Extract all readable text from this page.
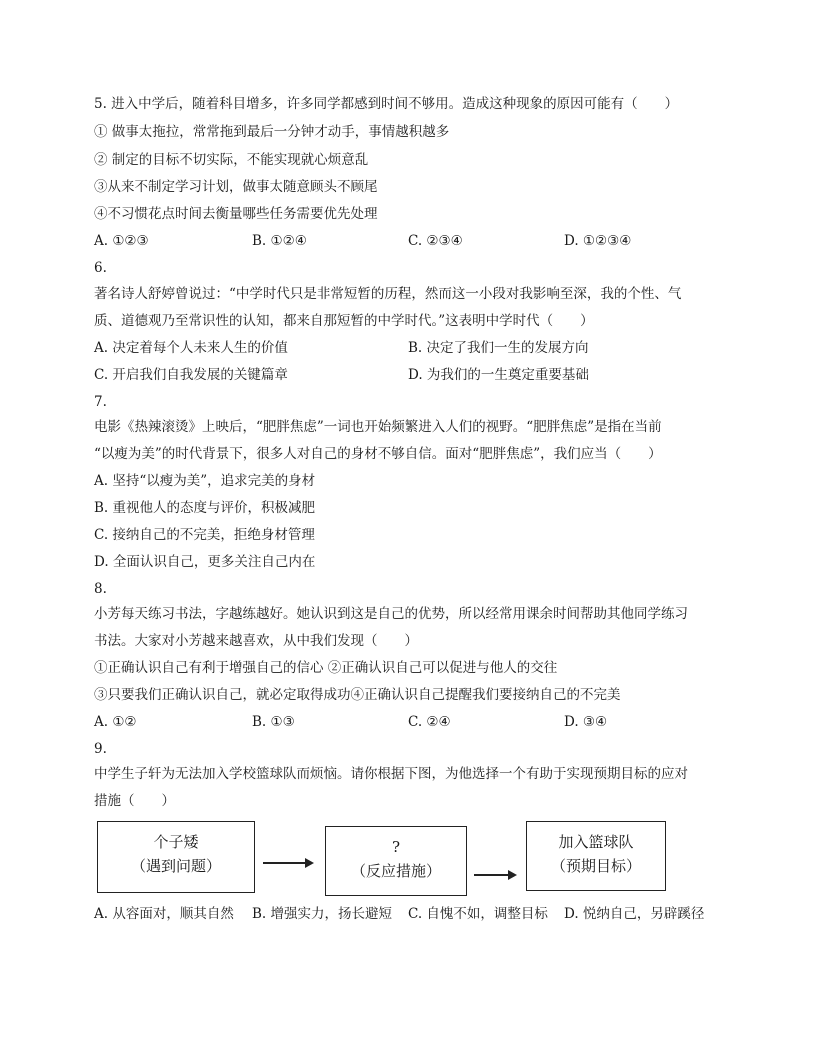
5. 进入中学后，随着科目增多，许多同学都感到时间不够用。造成这种现象的原因可能有（　　）
① 做事太拖拉，常常拖到最后一分钟才动手，事情越积越多
② 制定的目标不切实际，不能实现就心烦意乱
③从来不制定学习计划，做事太随意顾头不顾尾
④不习惯花点时间去衡量哪些任务需要优先处理
A. ①②③	B. ①②④	C. ②③④	D. ①②③④
6.
著名诗人舒婷曾说过：“中学时代只是非常短暂的历程，然而这一小段对我影响至深，我的个性、气
质、道德观乃至常识性的认知，都来自那短暂的中学时代。”这表明中学时代（　　）
A. 决定着每个人未来人生的价值	B. 决定了我们一生的发展方向
C. 开启我们自我发展的关键篇章	D. 为我们的一生奠定重要基础
7.
电影《热辣滚烫》上映后，“肥胖焦虑”一词也开始频繁进入人们的视野。“肥胖焦虑”是指在当前
“以瘦为美”的时代背景下，很多人对自己的身材不够自信。面对“肥胖焦虑”，我们应当（　　）
A. 坚持“以瘦为美”，追求完美的身材
B. 重视他人的态度与评价，积极减肥
C. 接纳自己的不完美，拒绝身材管理
D. 全面认识自己，更多关注自己内在
8.
小芳每天练习书法，字越练越好。她认识到这是自己的优势，所以经常用课余时间帮助其他同学练习
书法。大家对小芳越来越喜欢，从中我们发现（　　）
①正确认识自己有利于增强自己的信心 ②正确认识自己可以促进与他人的交往
③只要我们正确认识自己，就必定取得成功④正确认识自己提醒我们要接纳自己的不完美
A. ①②	B. ①③	C. ②④	D. ③④
9.
中学生子轩为无法加入学校篮球队而烦恼。请你根据下图，为他选择一个有助于实现预期目标的应对
措施（　　）
个子矮
（遇到问题）
?
（反应措施）
加入篮球队
（预期目标）
A. 从容面对，顺其自然 B. 增强实力，扬长避短 C. 自愧不如，调整目标 D. 悦纳自己，另辟蹊径
